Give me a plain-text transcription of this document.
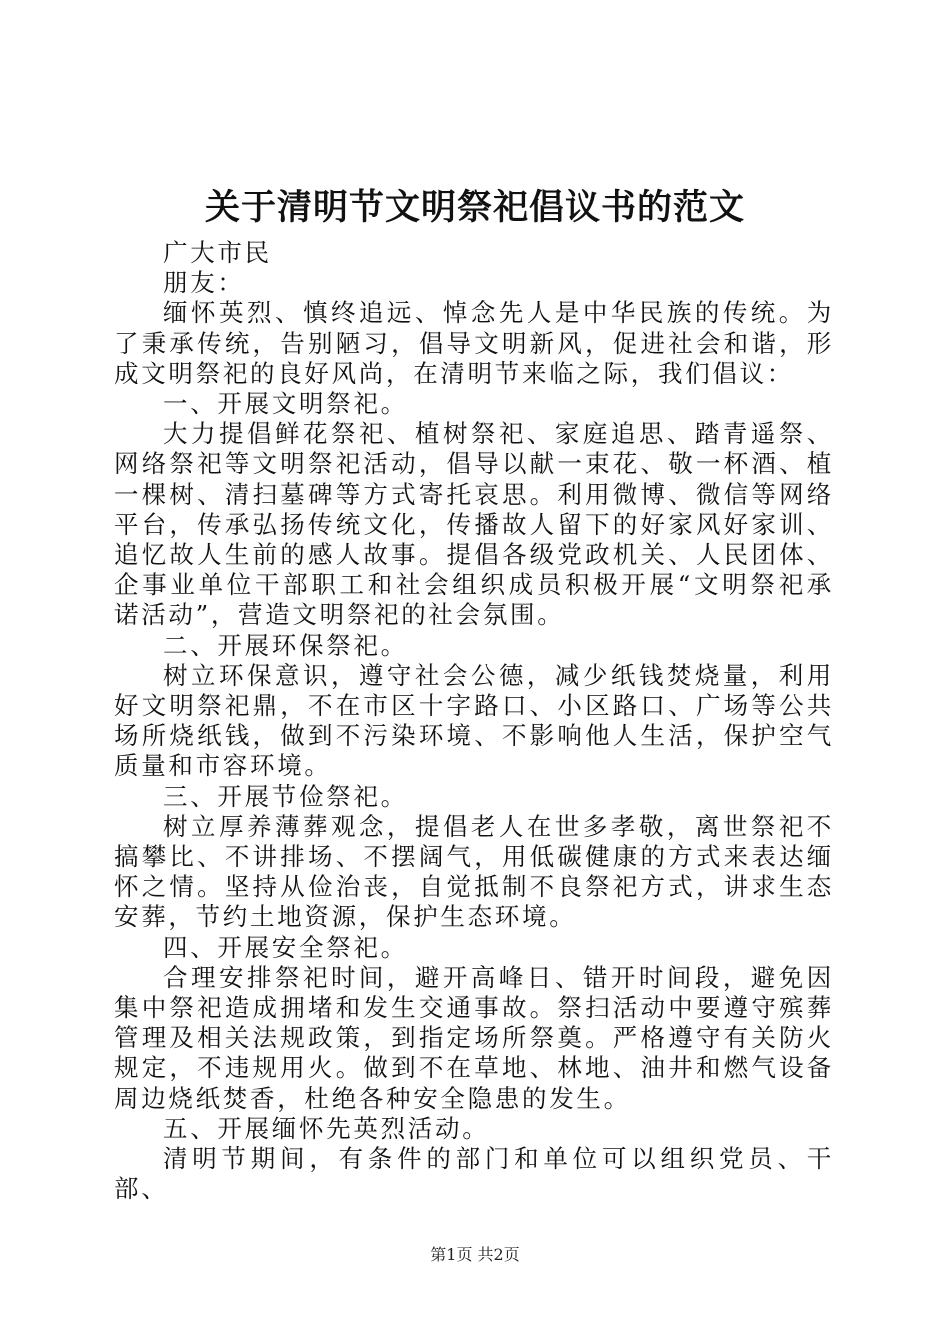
关于清明节文明祭祀倡议书的范文

广大市民

朋友：

缅怀英烈、慎终追远、悼念先人是中华民族的传统。为了秉承传统，告别陋习，倡导文明新风，促进社会和谐，形成文明祭祀的良好风尚，在清明节来临之际，我们倡议：

一、开展文明祭祀。

大力提倡鲜花祭祀、植树祭祀、家庭追思、踏青遥祭、网络祭祀等文明祭祀活动，倡导以献一束花、敬一杯酒、植一棵树、清扫墓碑等方式寄托哀思。利用微博、微信等网络平台，传承弘扬传统文化，传播故人留下的好家风好家训、追忆故人生前的感人故事。提倡各级党政机关、人民团体、企事业单位干部职工和社会组织成员积极开展“文明祭祀承诺活动”，营造文明祭祀的社会氛围。

二、开展环保祭祀。

树立环保意识，遵守社会公德，减少纸钱焚烧量，利用好文明祭祀鼎，不在市区十字路口、小区路口、广场等公共场所烧纸钱，做到不污染环境、不影响他人生活，保护空气质量和市容环境。

三、开展节俭祭祀。

树立厚养薄葬观念，提倡老人在世多孝敬，离世祭祀不搞攀比、不讲排场、不摆阔气，用低碳健康的方式来表达缅怀之情。坚持从俭治丧，自觉抵制不良祭祀方式，讲求生态安葬，节约土地资源，保护生态环境。

四、开展安全祭祀。

合理安排祭祀时间，避开高峰日、错开时间段，避免因集中祭祀造成拥堵和发生交通事故。祭扫活动中要遵守殡葬管理及相关法规政策，到指定场所祭奠。严格遵守有关防火规定，不违规用火。做到不在草地、林地、油井和燃气设备周边烧纸焚香，杜绝各种安全隐患的发生。

五、开展缅怀先英烈活动。

清明节期间，有条件的部门和单位可以组织党员、干部、

第1页 共2页
